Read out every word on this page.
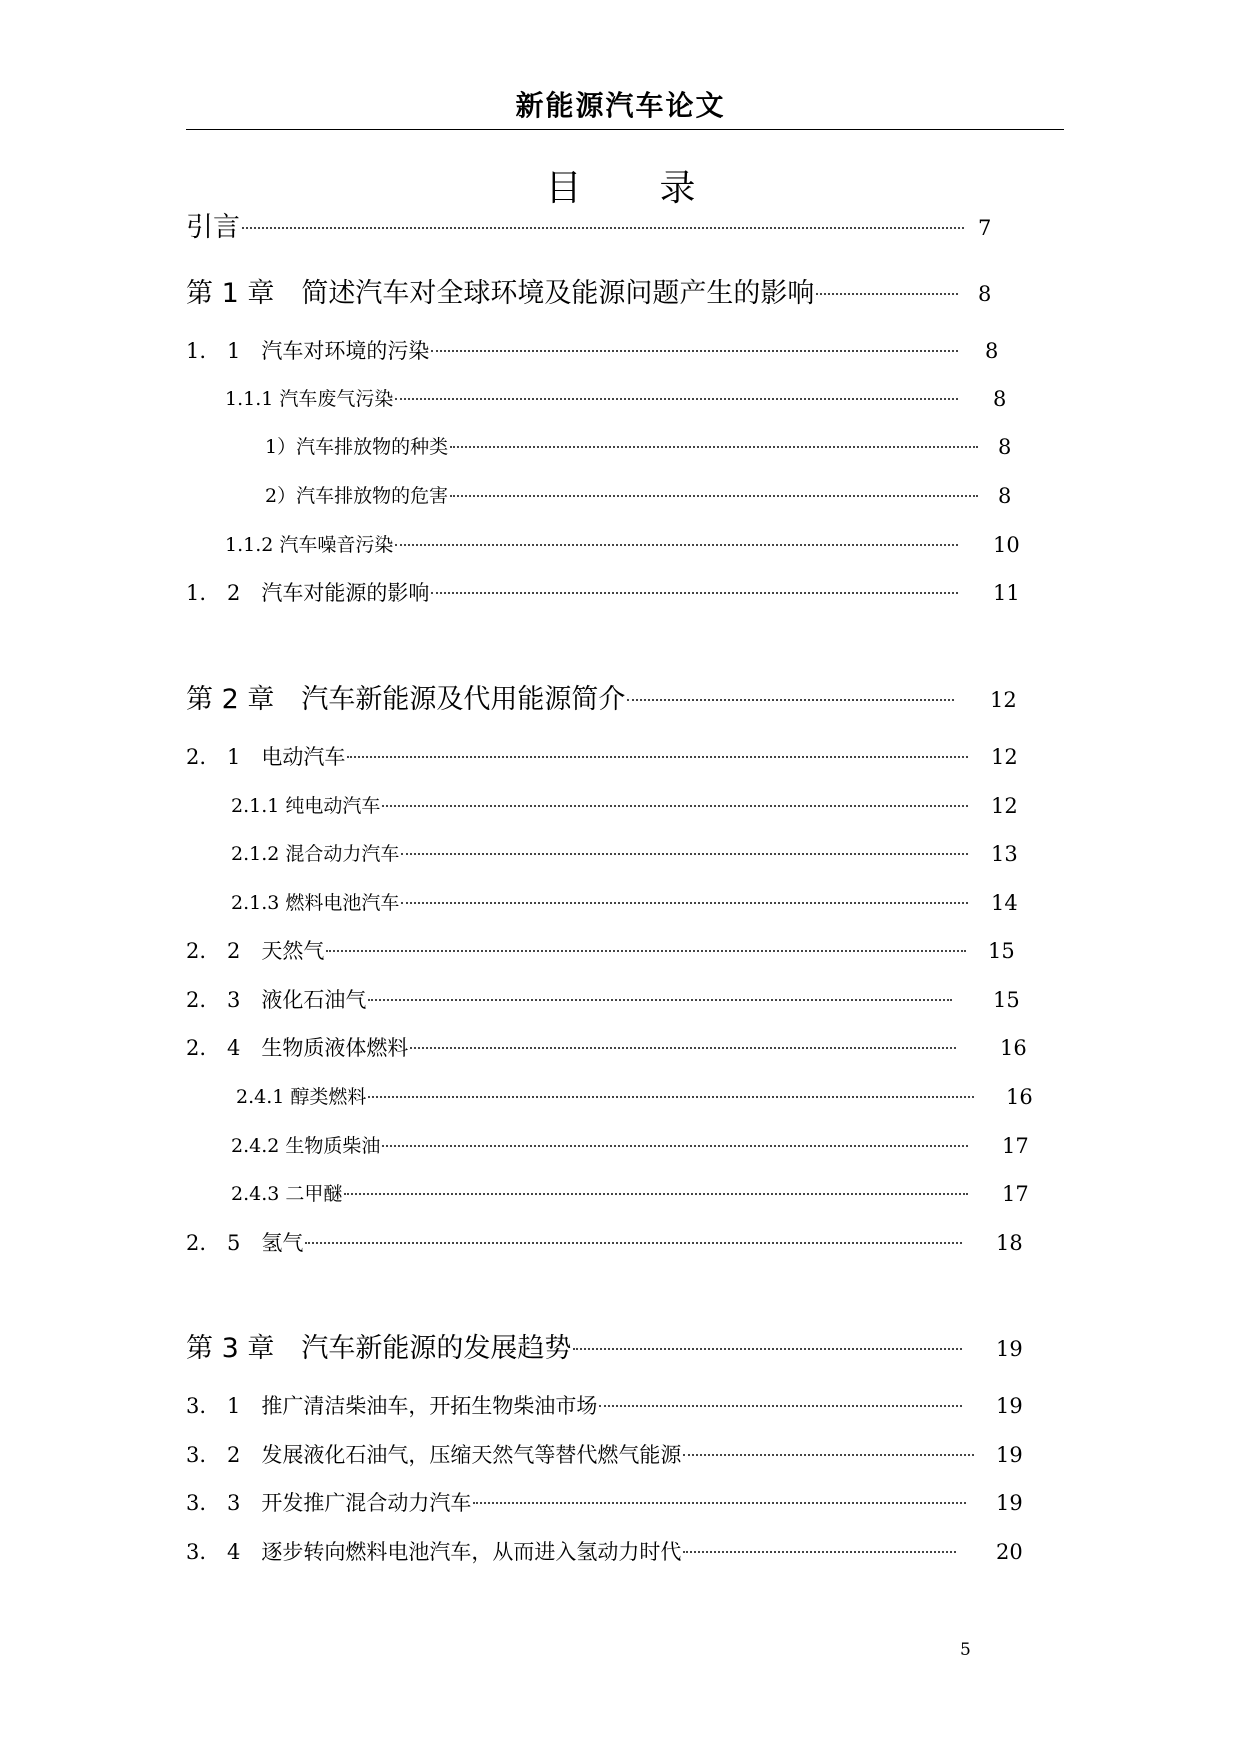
新能源汽车论文
目 录
引言	7
第 1 章　简述汽车对全球环境及能源问题产生的影响	8
1.　1　汽车对环境的污染	8
1.1.1 汽车废气污染	8
1）汽车排放物的种类	8
2）汽车排放物的危害	8
1.1.2 汽车噪音污染	10
1.　2　汽车对能源的影响	11
第 2 章　汽车新能源及代用能源简介	12
2.　1　电动汽车	12
2.1.1 纯电动汽车	12
2.1.2 混合动力汽车	13
2.1.3 燃料电池汽车	14
2.　2　天然气	15
2.　3　液化石油气	15
2.　4　生物质液体燃料	16
2.4.1 醇类燃料	16
2.4.2 生物质柴油	17
2.4.3 二甲醚	17
2.　5　氢气	18
第 3 章　汽车新能源的发展趋势	19
3.　1　推广清洁柴油车，开拓生物柴油市场	19
3.　2　发展液化石油气，压缩天然气等替代燃气能源	19
3.　3　开发推广混合动力汽车	19
3.　4　逐步转向燃料电池汽车，从而进入氢动力时代	20
5
